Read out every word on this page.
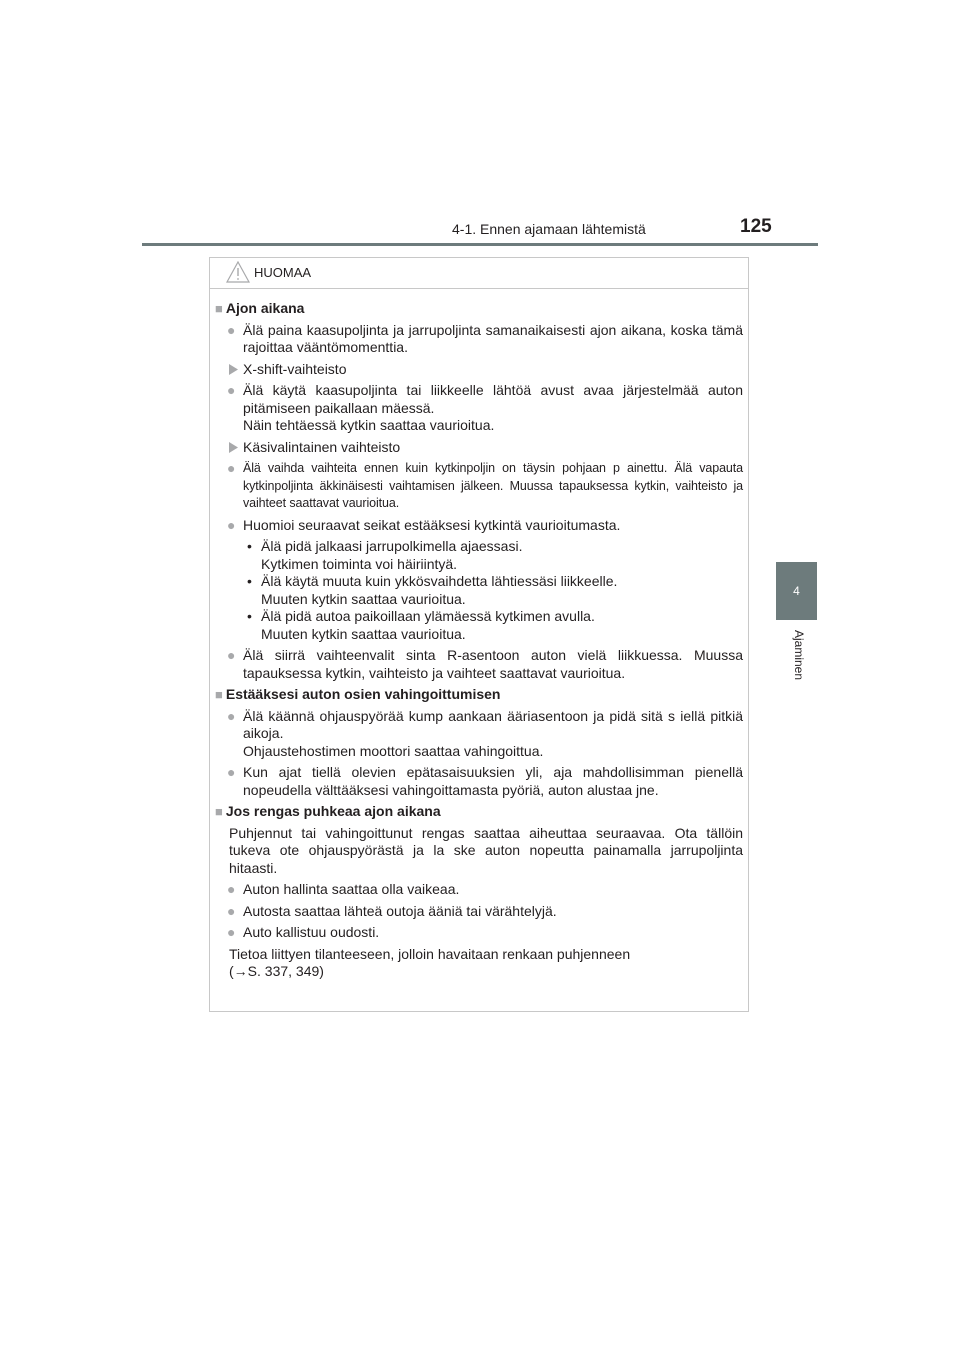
4-1. Ennen ajamaan lähtemistä	125
4
Ajaminen
HUOMAA
■ Ajon aikana
● Älä paina kaasupoljinta ja jarrupoljinta samanaikaisesti ajon aikana, koska tämä rajoittaa vääntömomenttia.
X-shift-vaihteisto
● Älä käytä kaasupoljinta tai liikkeelle lähtöä avust avaa järjestelmää auton pitämiseen paikallaan mäessä.
Näin tehtäessä kytkin saattaa vaurioitua.
Käsivalintainen vaihteisto
● Älä vaihda vaihteita ennen kuin kytkinpoljin on täysin pohjaan p ainettu. Älä vapauta kytkinpoljinta äkkinäisesti vaihtamisen jälkeen. Muussa tapauksessa kytkin, vaihteisto ja vaihteet saattavat vaurioitua.
● Huomioi seuraavat seikat estääksesi kytkintä vaurioitumasta.
• Älä pidä jalkaasi jarrupolkimella ajaessasi.
Kytkimen toiminta voi häiriintyä.
• Älä käytä muuta kuin ykkösvaihdetta lähtiessäsi liikkeelle.
Muuten kytkin saattaa vaurioitua.
• Älä pidä autoa paikoillaan ylämäessä kytkimen avulla.
Muuten kytkin saattaa vaurioitua.
● Älä siirrä vaihteenvalit sinta R-asentoon auton vielä liikkuessa. Muussa tapauksessa kytkin, vaihteisto ja vaihteet saattavat vaurioitua.
■ Estääksesi auton osien vahingoittumisen
● Älä käännä ohjauspyörää kump aankaan ääriasentoon ja pidä sitä s iellä pitkiä aikoja.
Ohjaustehostimen moottori saattaa vahingoittua.
● Kun ajat tiellä olevien epätasaisuuksien yli, aja mahdollisimman pienellä nopeudella välttääksesi vahingoittamasta pyöriä, auton alustaa jne.
■ Jos rengas puhkeaa ajon aikana
Puhjennut tai vahingoittunut rengas saattaa aiheuttaa seuraavaa. Ota tällöin tukeva ote ohjauspyörästä ja la ske auton nopeutta painamalla jarrupoljinta hitaasti.
● Auton hallinta saattaa olla vaikeaa.
● Autosta saattaa lähteä outoja ääniä tai värähtelyjä.
● Auto kallistuu oudosti.
Tietoa liittyen tilanteeseen, jolloin havaitaan renkaan puhjenneen
(→S. 337, 349)
